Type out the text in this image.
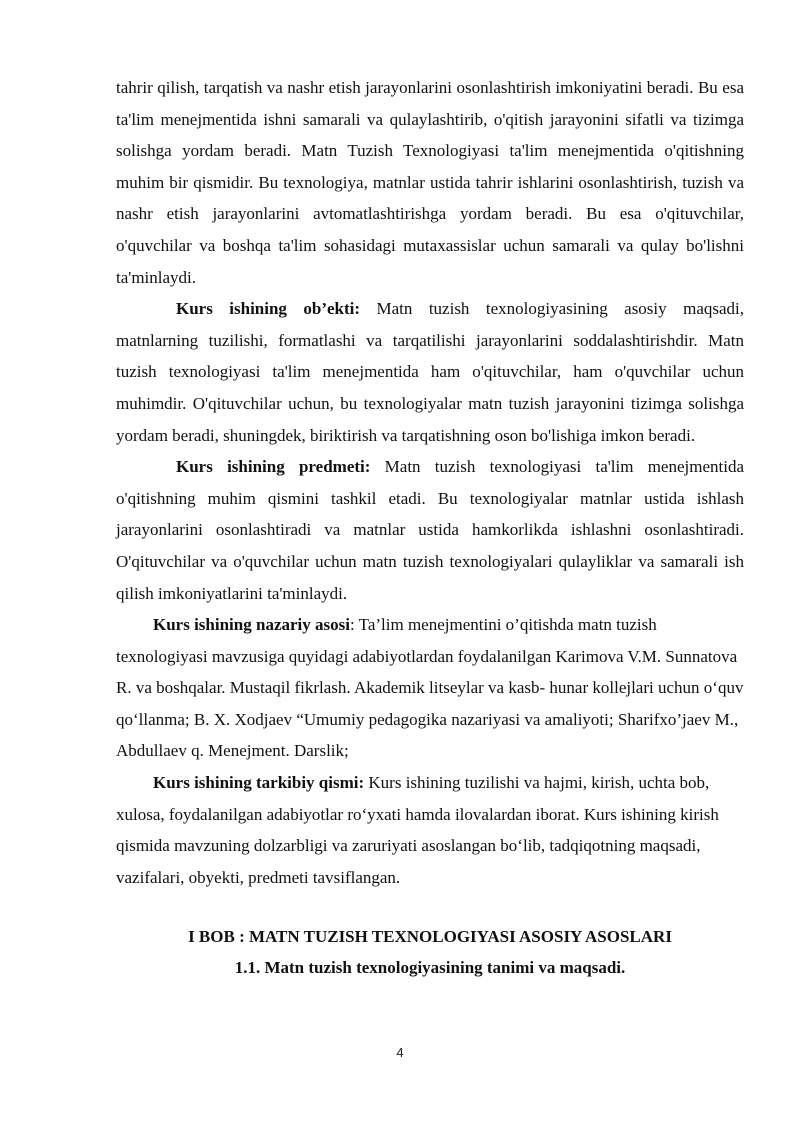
tahrir qilish, tarqatish va nashr etish jarayonlarini osonlashtirish imkoniyatini beradi. Bu esa ta'lim menejmentida ishni samarali va qulaylashtirib, o'qitish jarayonini sifatli va tizimga solishga yordam beradi. Matn Tuzish Texnologiyasi ta'lim menejmentida o'qitishning muhim bir qismidir. Bu texnologiya, matnlar ustida tahrir ishlarini osonlashtirish, tuzish va nashr etish jarayonlarini avtomatlashtirishga yordam beradi. Bu esa o'qituvchilar, o'quvchilar va boshqa ta'lim sohasidagi mutaxassislar uchun samarali va qulay bo'lishni ta'minlaydi.

Kurs ishining ob’ekti: Matn tuzish texnologiyasining asosiy maqsadi, matnlarning tuzilishi, formatlashi va tarqatilishi jarayonlarini soddalashtirishdir. Matn tuzish texnologiyasi ta'lim menejmentida ham o'qituvchilar, ham o'quvchilar uchun muhimdir. O'qituvchilar uchun, bu texnologiyalar matn tuzish jarayonini tizimga solishga yordam beradi, shuningdek, biriktirish va tarqatishning oson bo'lishiga imkon beradi.

Kurs ishining predmeti: Matn tuzish texnologiyasi ta'lim menejmentida o'qitishning muhim qismini tashkil etadi. Bu texnologiyalar matnlar ustida ishlash jarayonlarini osonlashtiradi va matnlar ustida hamkorlikda ishlashni osonlashtiradi. O'qituvchilar va o'quvchilar uchun matn tuzish texnologiyalari qulayliklar va samarali ish qilish imkoniyatlarini ta'minlaydi.

Kurs ishining nazariy asosi: Ta’lim menejmentini o’qitishda matn tuzish texnologiyasi mavzusiga quyidagi adabiyotlardan foydalanilgan Karimova V.M. Sunnatova R. va boshqalar. Mustaqil fikrlash. Akademik litseylar va kasb- hunar kollejlari uchun o‘quv qo‘llanma; B. X. Xodjaev “Umumiy pedagogika nazariyasi va amaliyoti; Sharifxo’jaev M., Abdullaev q. Menejment. Darslik;

Kurs ishining tarkibiy qismi: Kurs ishining tuzilishi va hajmi, kirish, uchta bob, xulosa, foydalanilgan adabiyotlar ro‘yxati hamda ilovalardan iborat. Kurs ishining kirish qismida mavzuning dolzarbligi va zaruriyati asoslangan bo‘lib, tadqiqotning maqsadi, vazifalari, obyekti, predmeti tavsiflangan.

I BOB : MATN TUZISH TEXNOLOGIYASI ASOSIY ASOSLARI

1.1. Matn tuzish texnologiyasining tanimi va maqsadi.

4
